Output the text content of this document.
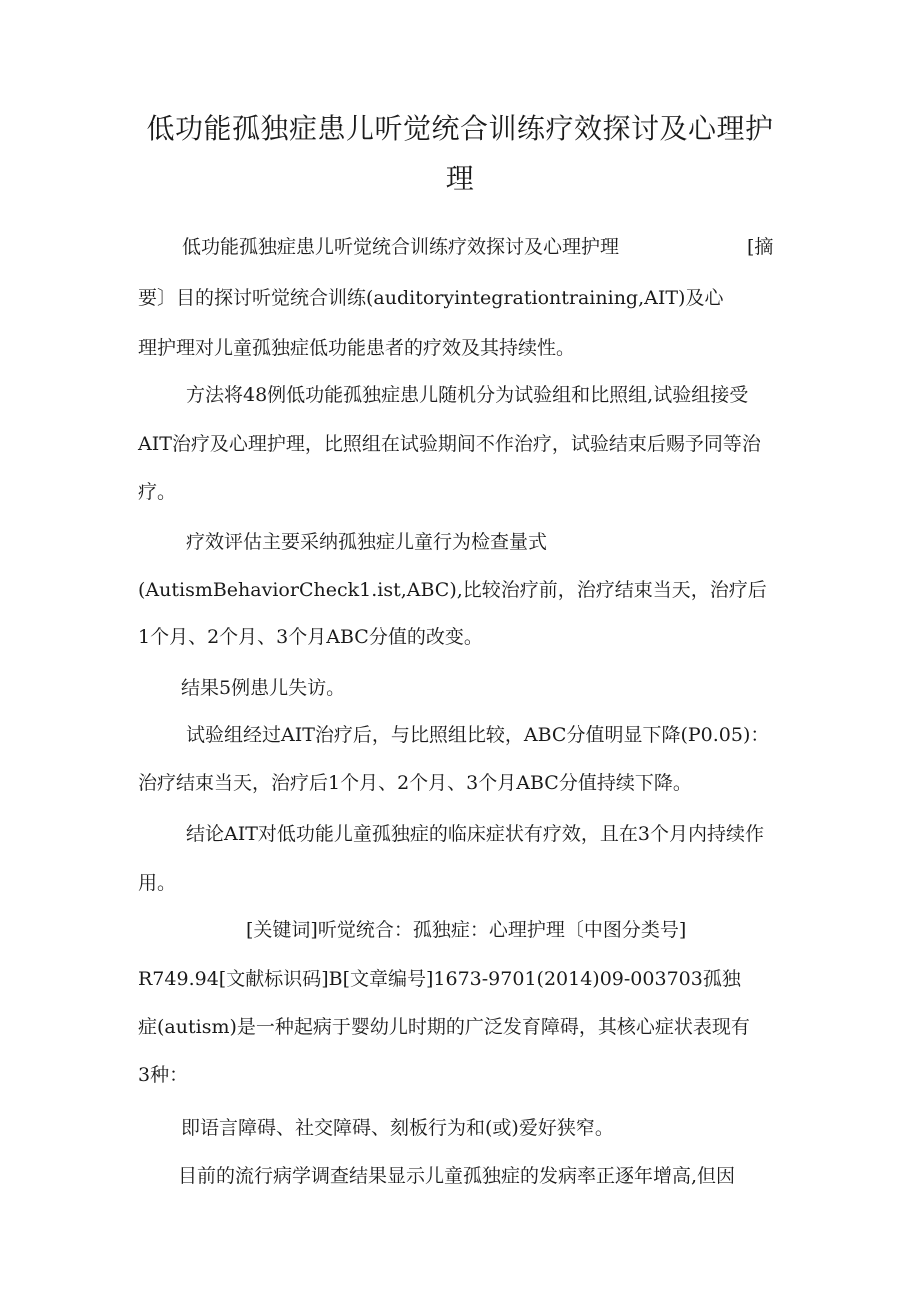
低功能孤独症患儿听觉统合训练疗效探讨及心理护
理

低功能孤独症患儿听觉统合训练疗效探讨及心理护理	[摘

要〕目的探讨听觉统合训练(auditoryintegrationtraining,AIT)及心

理护理对儿童孤独症低功能患者的疗效及其持续性。

方法将48例低功能孤独症患儿随机分为试验组和比照组,试验组接受

AIT治疗及心理护理，比照组在试验期间不作治疗，试验结束后赐予同等治

疗。

疗效评估主要采纳孤独症儿童行为检查量式

(AutismBehaviorCheck1.ist,ABC),比较治疗前，治疗结束当天，治疗后

1个月、2个月、3个月ABC分值的改变。

结果5例患儿失访。

试验组经过AIT治疗后，与比照组比较，ABC分值明显下降(P0.05)：

治疗结束当天，治疗后1个月、2个月、3个月ABC分值持续下降。

结论AIT对低功能儿童孤独症的临床症状有疗效，且在3个月内持续作

用。

[关键词]听觉统合：孤独症：心理护理〔中图分类号]

R749.94[文献标识码]B[文章编号]1673-9701(2014)09-003703孤独

症(autism)是一种起病于婴幼儿时期的广泛发育障碍，其核心症状表现有

3种：

即语言障碍、社交障碍、刻板行为和(或)爱好狭窄。

目前的流行病学调查结果显示儿童孤独症的发病率正逐年增高,但因
